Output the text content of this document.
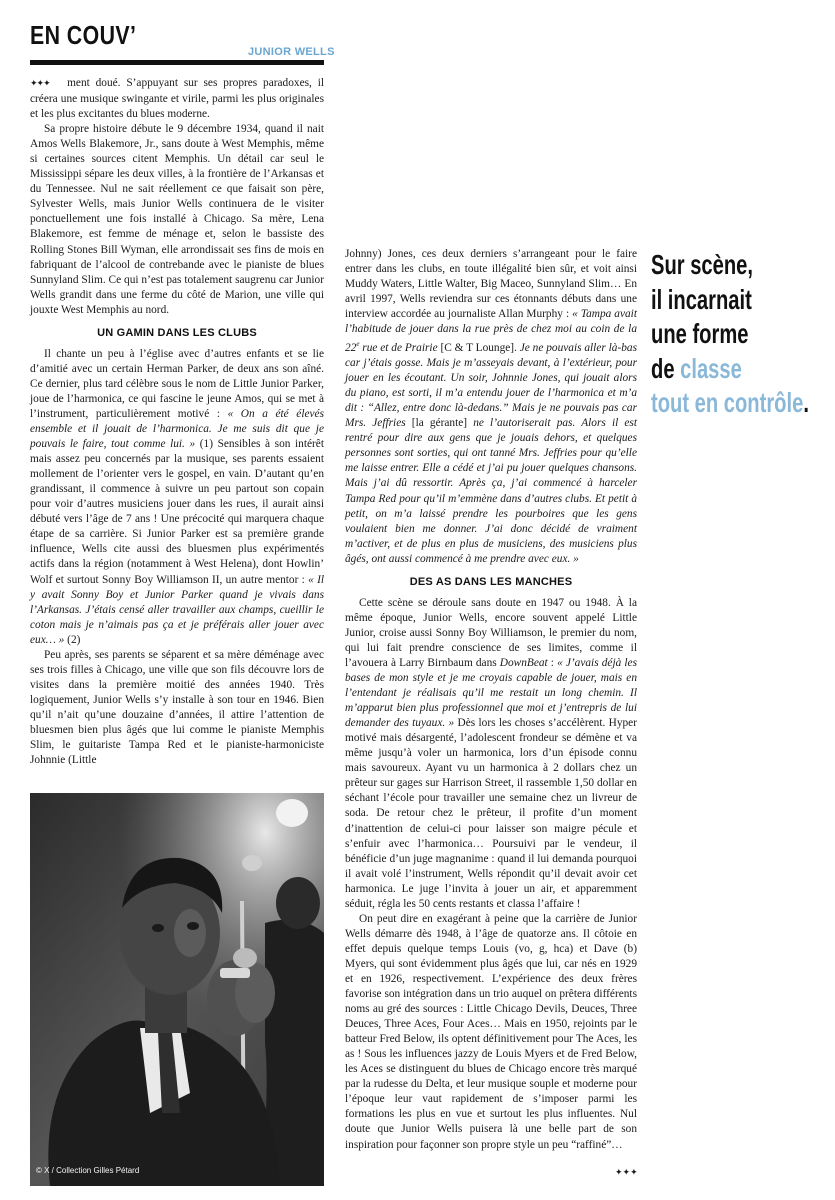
EN COUV’
JUNIOR WELLS

✦✦✦ ment doué. S’appuyant sur ses propres paradoxes, il créera une musique swingante et virile, parmi les plus originales et les plus excitantes du blues moderne.

Sa propre histoire débute le 9 décembre 1934, quand il nait Amos Wells Blakemore, Jr., sans doute à West Memphis, même si certaines sources citent Memphis. Un détail car seul le Mississippi sépare les deux villes, à la frontière de l’Arkansas et du Tennessee. Nul ne sait réellement ce que faisait son père, Sylvester Wells, mais Junior Wells continuera de le visiter ponctuellement une fois installé à Chicago. Sa mère, Lena Blakemore, est femme de ménage et, selon le bassiste des Rolling Stones Bill Wyman, elle arrondissait ses fins de mois en fabriquant de l’alcool de contrebande avec le pianiste de blues Sunnyland Slim. Ce qui n’est pas totalement saugrenu car Junior Wells grandit dans une ferme du côté de Marion, une ville qui jouxte West Memphis au nord.

UN GAMIN DANS LES CLUBS

Il chante un peu à l’église avec d’autres enfants et se lie d’amitié avec un certain Herman Parker, de deux ans son aîné. Ce dernier, plus tard célèbre sous le nom de Little Junior Parker, joue de l’harmonica, ce qui fascine le jeune Amos, qui se met à l’instrument, particulièrement motivé : « On a été élevés ensemble et il jouait de l’harmonica. Je me suis dit que je pouvais le faire, tout comme lui. » (1) Sensibles à son intérêt mais assez peu concernés par la musique, ses parents essaient mollement de l’orienter vers le gospel, en vain. D’autant qu’en grandissant, il commence à suivre un peu partout son copain pour voir d’autres musiciens jouer dans les rues, il aurait ainsi débuté vers l’âge de 7 ans ! Une précocité qui marquera chaque étape de sa carrière. Si Junior Parker est sa première grande influence, Wells cite aussi des bluesmen plus expérimentés actifs dans la région (notamment à West Helena), dont Howlin’ Wolf et surtout Sonny Boy Williamson II, un autre mentor : « Il y avait Sonny Boy et Junior Parker quand je vivais dans l’Arkansas. J’étais censé aller travailler aux champs, cueillir le coton mais je n’aimais pas ça et je préférais aller jouer avec eux… » (2)

Peu après, ses parents se séparent et sa mère déménage avec ses trois filles à Chicago, une ville que son fils découvre lors de visites dans la première moitié des années 1940. Très logiquement, Junior Wells s’y installe à son tour en 1946. Bien qu’il n’ait qu’une douzaine d’années, il attire l’attention de bluesmen bien plus âgés que lui comme le pianiste Memphis Slim, le guitariste Tampa Red et le pianiste-harmoniciste Johnnie (Little

© X / Collection Gilles Pétard

Johnny) Jones, ces deux derniers s’arrangeant pour le faire entrer dans les clubs, en toute illégalité bien sûr, et voit ainsi Muddy Waters, Little Walter, Big Maceo, Sunnyland Slim… En avril 1997, Wells reviendra sur ces étonnants débuts dans une interview accordée au journaliste Allan Murphy : « Tampa avait l’habitude de jouer dans la rue près de chez moi au coin de la 22e rue et de Prairie [C & T Lounge]. Je ne pouvais aller là-bas car j’étais gosse. Mais je m’asseyais devant, à l’extérieur, pour jouer en les écoutant. Un soir, Johnnie Jones, qui jouait alors du piano, est sorti, il m’a entendu jouer de l’harmonica et m’a dit : “Allez, entre donc là-dedans.” Mais je ne pouvais pas car Mrs. Jeffries [la gérante] ne l’autoriserait pas. Alors il est rentré pour dire aux gens que je jouais dehors, et quelques personnes sont sorties, qui ont tanné Mrs. Jeffries pour qu’elle me laisse entrer. Elle a cédé et j’ai pu jouer quelques chansons. Mais j’ai dû ressortir. Après ça, j’ai commencé à harceler Tampa Red pour qu’il m’emmène dans d’autres clubs. Et petit à petit, on m’a laissé prendre les pourboires que les gens voulaient bien me donner. J’ai donc décidé de vraiment m’activer, et de plus en plus de musiciens, des musiciens plus âgés, ont aussi commencé à me prendre avec eux. »

DES AS DANS LES MANCHES

Cette scène se déroule sans doute en 1947 ou 1948. À la même époque, Junior Wells, encore souvent appelé Little Junior, croise aussi Sonny Boy Williamson, le premier du nom, qui lui fait prendre conscience de ses limites, comme il l’avouera à Larry Birnbaum dans DownBeat : « J’avais déjà les bases de mon style et je me croyais capable de jouer, mais en l’entendant je réalisais qu’il me restait un long chemin. Il m’apparut bien plus professionnel que moi et j’entrepris de lui demander des tuyaux. » Dès lors les choses s’accélèrent. Hyper motivé mais désargenté, l’adolescent frondeur se démène et va même jusqu’à voler un harmonica, lors d’un épisode connu mais savoureux. Ayant vu un harmonica à 2 dollars chez un prêteur sur gages sur Harrison Street, il rassemble 1,50 dollar en séchant l’école pour travailler une semaine chez un livreur de soda. De retour chez le prêteur, il profite d’un moment d’inattention de celui-ci pour laisser son maigre pécule et s’enfuir avec l’harmonica… Poursuivi par le vendeur, il bénéficie d’un juge magnanime : quand il lui demanda pourquoi il avait volé l’instrument, Wells répondit qu’il devait avoir cet harmonica. Le juge l’invita à jouer un air, et apparemment séduit, régla les 50 cents restants et classa l’affaire !

On peut dire en exagérant à peine que la carrière de Junior Wells démarre dès 1948, à l’âge de quatorze ans. Il côtoie en effet depuis quelque temps Louis (vo, g, hca) et Dave (b) Myers, qui sont évidemment plus âgés que lui, car nés en 1929 et en 1926, respectivement. L’expérience des deux frères favorise son intégration dans un trio auquel on prêtera différents noms au gré des sources : Little Chicago Devils, Deuces, Three Deuces, Three Aces, Four Aces… Mais en 1950, rejoints par le batteur Fred Below, ils optent définitivement pour The Aces, les as ! Sous les influences jazzy de Louis Myers et de Fred Below, les Aces se distinguent du blues de Chicago encore très marqué par la rudesse du Delta, et leur musique souple et moderne pour l’époque leur vaut rapidement de s’imposer parmi les formations les plus en vue et surtout les plus influentes. Nul doute que Junior Wells puisera là une belle part de son inspiration pour façonner son propre style un peu “raffiné”…

✦✦✦
Sur scène,
il incarnait
une forme
de classe
tout en contrôle.
